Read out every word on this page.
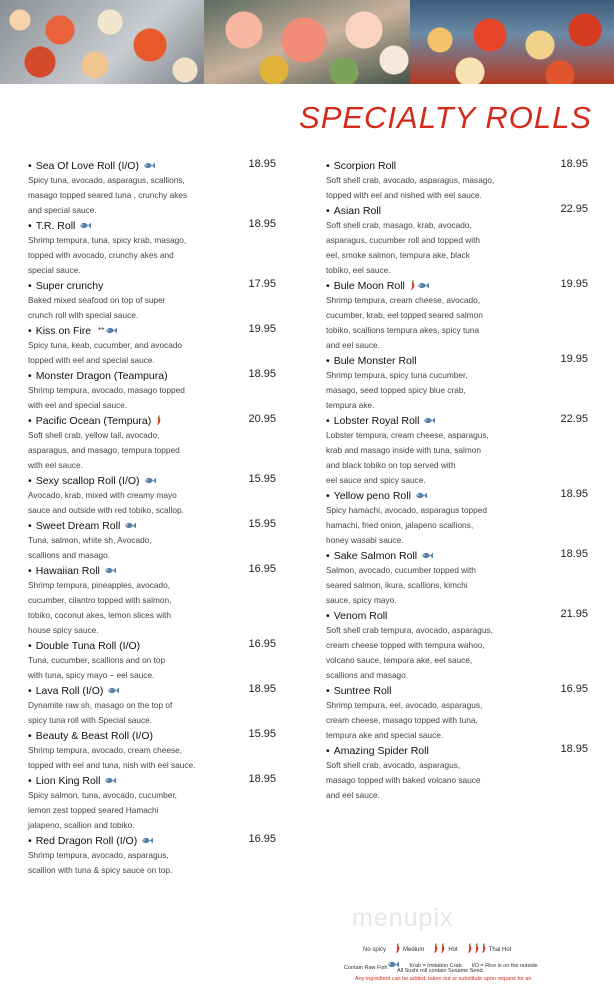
SPECIALTY ROLLS
• Sea Of Love Roll (I/O)	18.95
Spicy tuna, avocado, asparagus, scallions,
masago topped seared tuna , crunchy akes
and special sauce.
• T.R. Roll	18.95
Shrimp tempura, tuna, spicy krab, masago,
topped with avocado, crunchy akes and
special sauce.
• Super crunchy	17.95
Baked mixed seafood on top of super
crunch roll with special sauce.
• Kiss on Fire **	19.95
Spicy tuna, keab, cucumber, and avocado
topped with eel and special sauce.
• Monster Dragon (Teampura)	18.95
Shrimp tempura, avocado, masago topped
with eel and special sauce.
• Pacific Ocean (Tempura)	20.95
Soft shell crab, yellow tail, avocado,
asparagus, and masago, tempura topped
with eel sauce.
• Sexy scallop Roll (I/O)	15.95
Avocado, krab, mixed with creamy mayo
sauce and outside with red tobiko, scallop.
• Sweet Dream Roll	15.95
Tuna, salmon, white sh, Avocado,
scallions and masago.
• Hawaiian Roll	16.95
Shrimp tempura, pineapples, avocado,
cucumber, cilantro topped with salmon,
tobiko, coconut akes, lemon slices with
house spicy sauce.
• Double Tuna Roll (I/O)	16.95
Tuna, cucumber, scallions and on top
with tuna, spicy mayo – eel sauce.
• Lava Roll (I/O)	18.95
Dynamite raw sh, masago on the top of
spicy tuna roll with Special sauce.
• Beauty & Beast Roll (I/O)	15.95
Shrimp tempura, avocado, cream cheese,
topped with eel and tuna, nish with eel sauce.
• Lion King Roll	18.95
Spicy salmon, tuna, avocado, cucumber,
lemon zest topped seared Hamachi
jalapeno, scallion and tobiko.
• Red Dragon Roll (I/O)	16.95
Shrimp tempura, avocado, asparagus,
scallion with tuna & spicy sauce on top.
• Scorpion Roll	18.95
Soft shell crab, avocado, asparagus, masago,
topped with eel and nished with eel sauce.
• Asian Roll	22.95
Soft shell crab, masago, krab, avocado,
asparagus, cucumber roll and topped with
eel, smoke salmon, tempura ake, black
tobiko, eel sauce.
• Bule Moon Roll	19.95
Shrimp tempura, cream cheese, avocado,
cucumber, krab, eel topped seared salmon
tobiko, scallions tempura akes, spicy tuna
and eel sauce.
• Bule Monster Roll	19.95
Shrimp tempura, spicy tuna cucumber,
masago, seed topped spicy blue crab,
tempura ake.
• Lobster Royal Roll	22.95
Lobster tempura, cream cheese, asparagus,
krab and masago inside with tuna, salmon
and black tobiko on top served with
eel sauce and spicy sauce.
• Yellow peno Roll	18.95
Spicy hamachi, avocado, asparagus topped
hamachi, fried onion, jalapeno scallions,
honey wasabi sauce.
• Sake Salmon Roll	18.95
Salmon, avocado, cucumber topped with
seared salmon, ikura, scallions, kimchi
sauce, spicy mayo.
• Venom Roll	21.95
Soft shell crab tempura, avocado, asparagus,
cream cheese topped with tempura wahoo,
volcano sauce, tempura ake, eel sauce,
scallions and masago.
• Suntree Roll	16.95
Shrimp tempura, eel, avocado, asparagus,
cream cheese, masago topped with tuna,
tempura ake and special sauce.
• Amazing Spider Roll	18.95
Soft shell crab, avocado, asparagus,
masago topped with baked volcano sauce
and eel sauce.
menupix
No spicy	Medium	Hot	Thai Hot
Contain Raw Fish	Krab = Imitation Crab I/O = Rice is on the outside
All Sushi roll contain Sesame Seed.
Any ingredient can be added, taken out or substitute upon request for an
